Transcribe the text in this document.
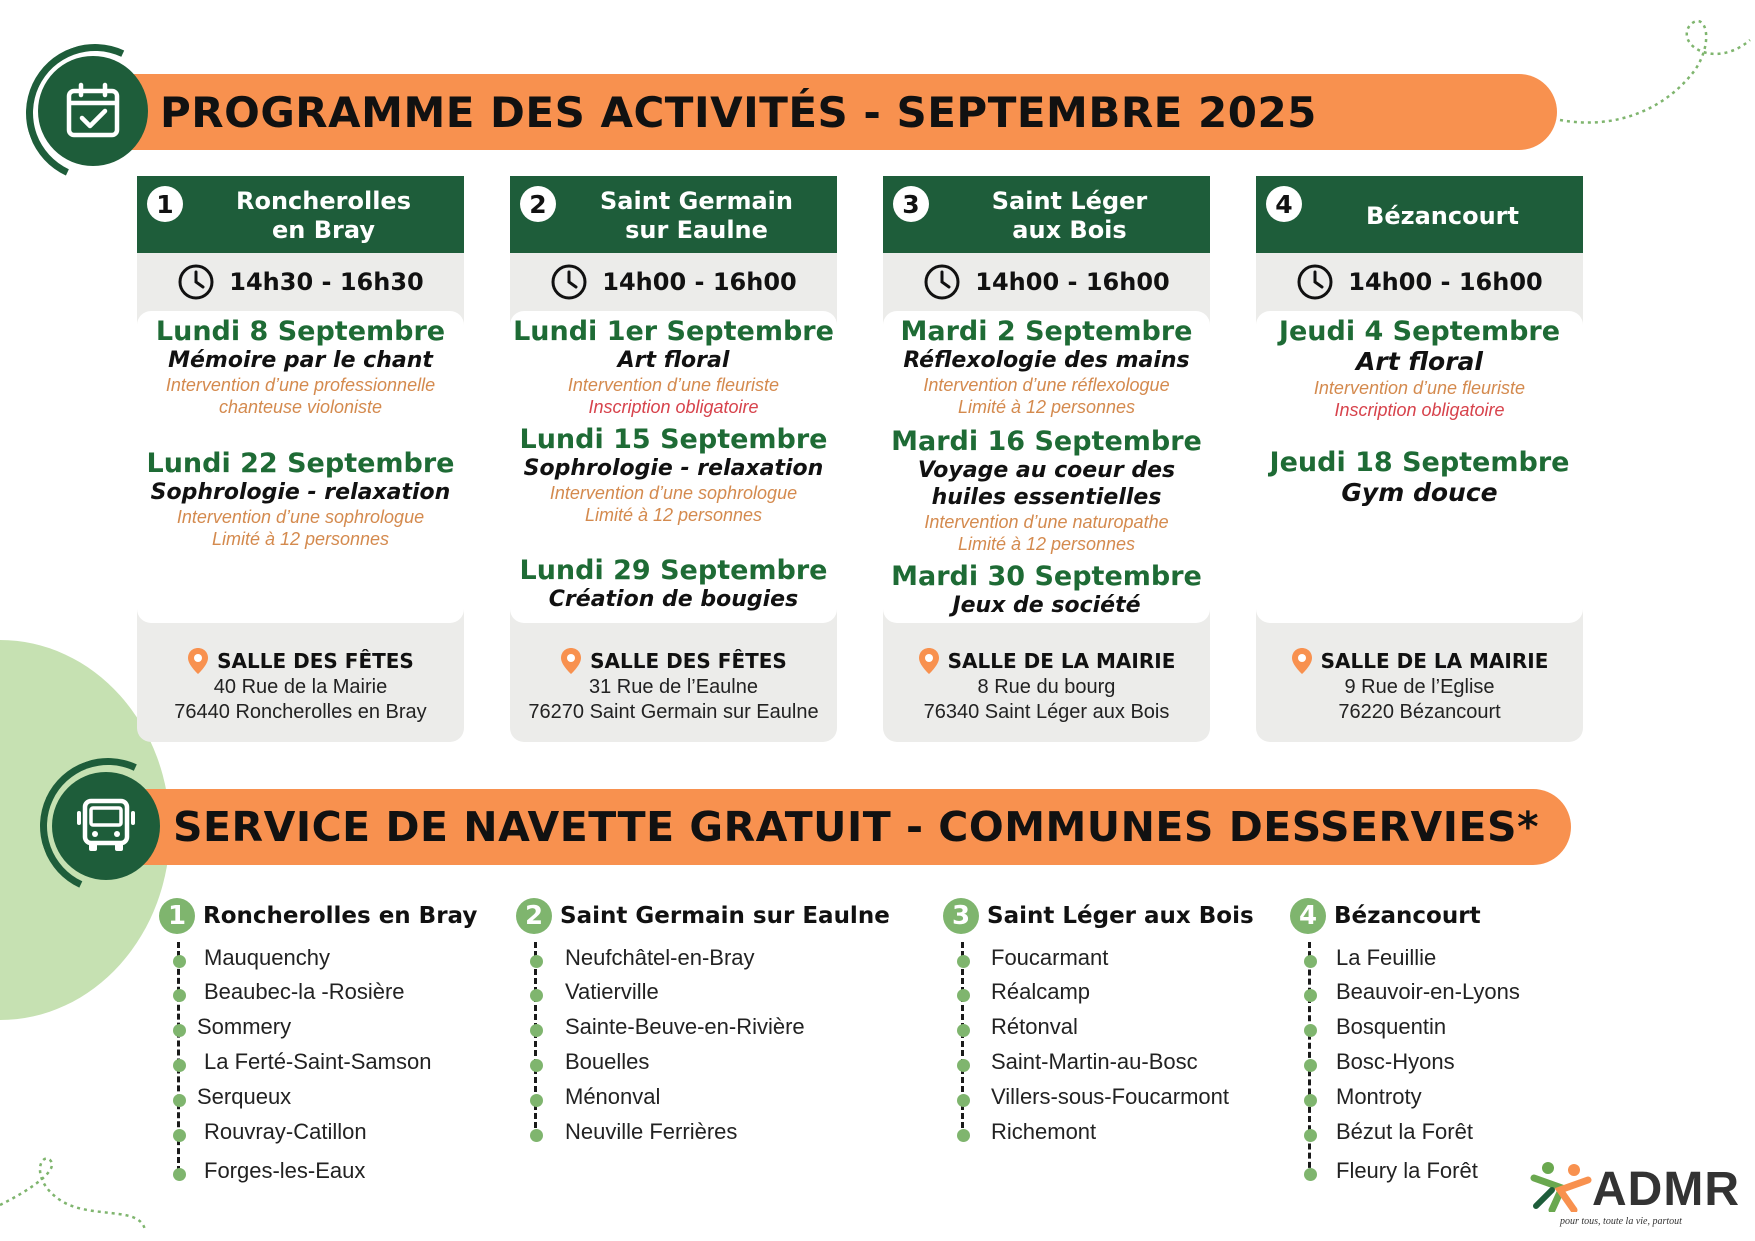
PROGRAMME DES ACTIVITÉS - SEPTEMBRE 2025
1	Roncherolles
en Bray
14h30 - 16h30
Lundi 8 Septembre
Mémoire par le chant
Intervention d’une professionnelle
chanteuse violoniste
Lundi 22 Septembre
Sophrologie - relaxation
Intervention d’une sophrologue
Limité à 12 personnes
SALLE DES FÊTES
40 Rue de la Mairie
76440 Roncherolles en Bray
2	Saint Germain
sur Eaulne
14h00 - 16h00
Lundi 1er Septembre
Art floral
Intervention d’une fleuriste
Inscription obligatoire
Lundi 15 Septembre
Sophrologie - relaxation
Intervention d’une sophrologue
Limité à 12 personnes
Lundi 29 Septembre
Création de bougies
SALLE DES FÊTES
31 Rue de l’Eaulne
76270 Saint Germain sur Eaulne
3	Saint Léger
aux Bois
14h00 - 16h00
Mardi 2 Septembre
Réflexologie des mains
Intervention d’une réflexologue
Limité à 12 personnes
Mardi 16 Septembre
Voyage au coeur des
huiles essentielles
Intervention d’une naturopathe
Limité à 12 personnes
Mardi 30 Septembre
Jeux de société
SALLE DE LA MAIRIE
8 Rue du bourg
76340 Saint Léger aux Bois
4	Bézancourt
14h00 - 16h00
Jeudi 4 Septembre
Art floral
Intervention d’une fleuriste
Inscription obligatoire
Jeudi 18 Septembre
Gym douce
SALLE DE LA MAIRIE
9 Rue de l’Eglise
76220 Bézancourt
SERVICE DE NAVETTE GRATUIT - COMMUNES DESSERVIES*
1 Roncherolles en Bray
Mauquenchy
Beaubec-la -Rosière
Sommery
La Ferté-Saint-Samson
Serqueux
Rouvray-Catillon
Forges-les-Eaux
2 Saint Germain sur Eaulne
Neufchâtel-en-Bray
Vatierville
Sainte-Beuve-en-Rivière
Bouelles
Ménonval
Neuville Ferrières
3 Saint Léger aux Bois
Foucarmant
Réalcamp
Rétonval
Saint-Martin-au-Bosc
Villers-sous-Foucarmont
Richemont
4 Bézancourt
La Feuillie
Beauvoir-en-Lyons
Bosquentin
Bosc-Hyons
Montroty
Bézut la Forêt
Fleury la Forêt ADMR
pour tous, toute la vie, partout
